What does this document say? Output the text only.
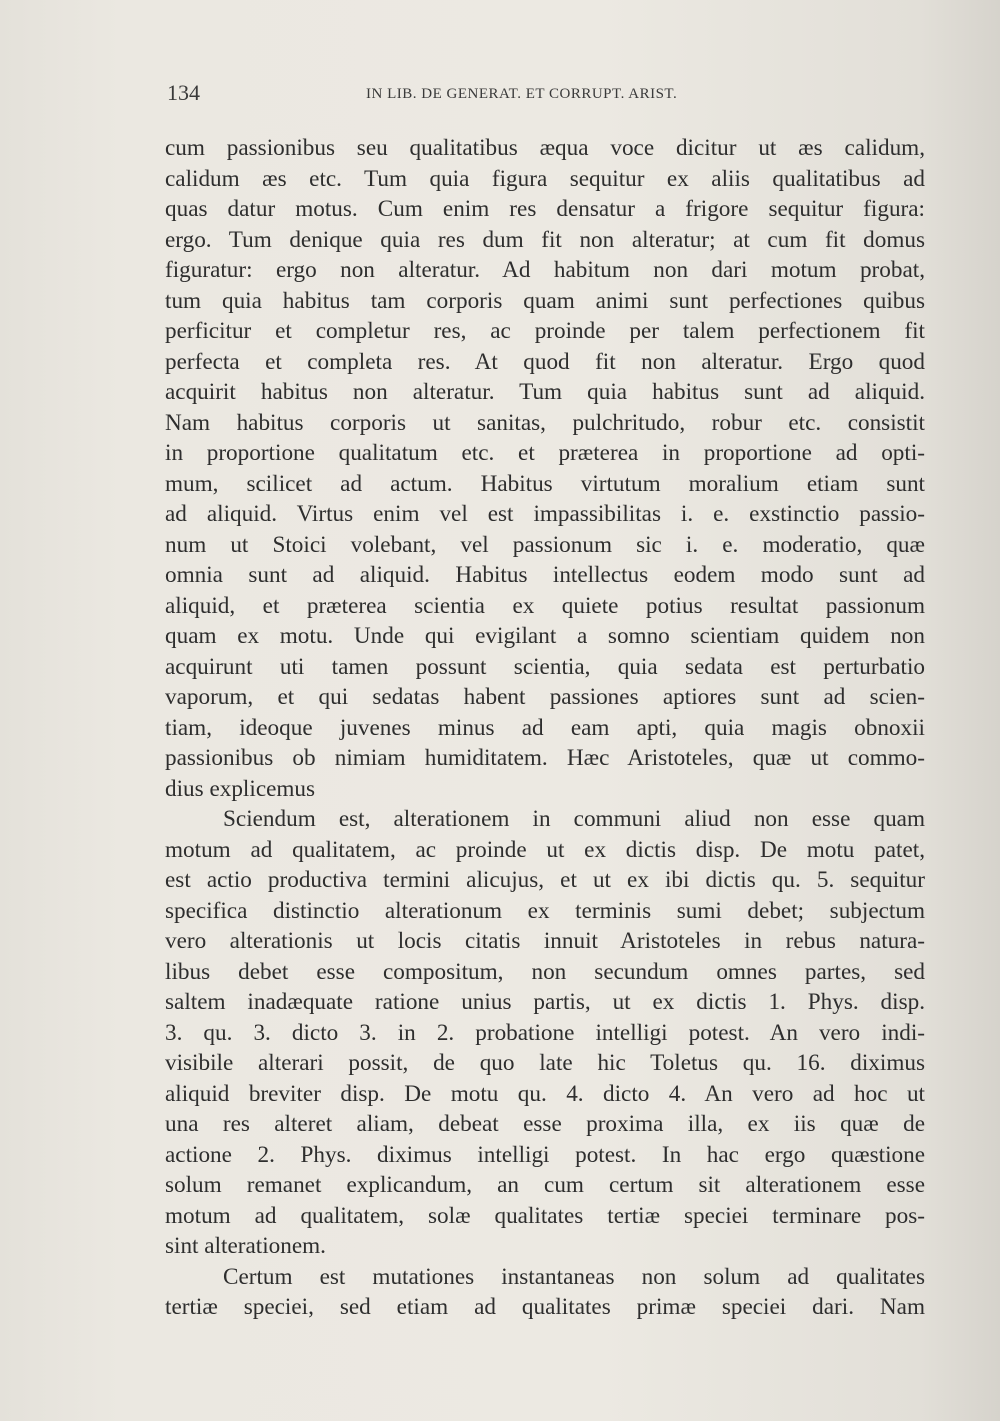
134	IN LIB. DE GENERAT. ET CORRUPT. ARIST.
cum passionibus seu qualitatibus æqua voce dicitur ut æs calidum,
calidum æs etc. Tum quia figura sequitur ex aliis qualitatibus ad
quas datur motus. Cum enim res densatur a frigore sequitur figura:
ergo. Tum denique quia res dum fit non alteratur; at cum fit domus
figuratur: ergo non alteratur. Ad habitum non dari motum probat,
tum quia habitus tam corporis quam animi sunt perfectiones quibus
perficitur et completur res, ac proinde per talem perfectionem fit
perfecta et completa res. At quod fit non alteratur. Ergo quod
acquirit habitus non alteratur. Tum quia habitus sunt ad aliquid.
Nam habitus corporis ut sanitas, pulchritudo, robur etc. consistit
in proportione qualitatum etc. et præterea in proportione ad opti-
mum, scilicet ad actum. Habitus virtutum moralium etiam sunt
ad aliquid. Virtus enim vel est impassibilitas i. e. exstinctio passio-
num ut Stoici volebant, vel passionum sic i. e. moderatio, quæ
omnia sunt ad aliquid. Habitus intellectus eodem modo sunt ad
aliquid, et præterea scientia ex quiete potius resultat passionum
quam ex motu. Unde qui evigilant a somno scientiam quidem non
acquirunt uti tamen possunt scientia, quia sedata est perturbatio
vaporum, et qui sedatas habent passiones aptiores sunt ad scien-
tiam, ideoque juvenes minus ad eam apti, quia magis obnoxii
passionibus ob nimiam humiditatem. Hæc Aristoteles, quæ ut commo-
dius explicemus
Sciendum est, alterationem in communi aliud non esse quam
motum ad qualitatem, ac proinde ut ex dictis disp. De motu patet,
est actio productiva termini alicujus, et ut ex ibi dictis qu. 5. sequitur
specifica distinctio alterationum ex terminis sumi debet; subjectum
vero alterationis ut locis citatis innuit Aristoteles in rebus natura-
libus debet esse compositum, non secundum omnes partes, sed
saltem inadæquate ratione unius partis, ut ex dictis 1. Phys. disp.
3. qu. 3. dicto 3. in 2. probatione intelligi potest. An vero indi-
visibile alterari possit, de quo late hic Toletus qu. 16. diximus
aliquid breviter disp. De motu qu. 4. dicto 4. An vero ad hoc ut
una res alteret aliam, debeat esse proxima illa, ex iis quæ de
actione 2. Phys. diximus intelligi potest. In hac ergo quæstione
solum remanet explicandum, an cum certum sit alterationem esse
motum ad qualitatem, solæ qualitates tertiæ speciei terminare pos-
sint alterationem.
Certum est mutationes instantaneas non solum ad qualitates
tertiæ speciei, sed etiam ad qualitates primæ speciei dari. Nam
